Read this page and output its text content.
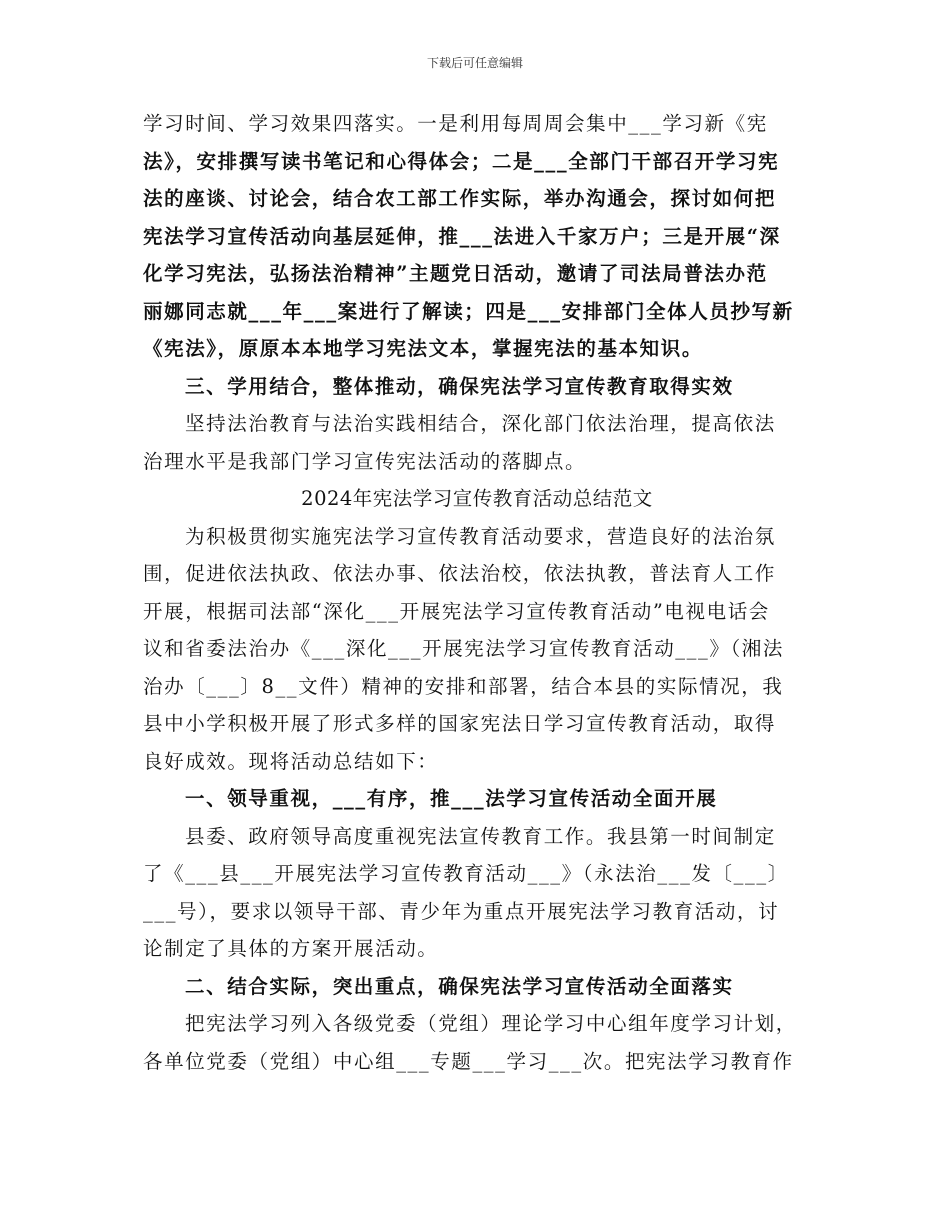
下载后可任意编辑
学习时间、学习效果四落实。一是利用每周周会集中___学习新《宪
法》，安排撰写读书笔记和心得体会；二是___全部门干部召开学习宪
法的座谈、讨论会，结合农工部工作实际，举办沟通会，探讨如何把
宪法学习宣传活动向基层延伸，推___法进入千家万户；三是开展“深
化学习宪法，弘扬法治精神”主题党日活动，邀请了司法局普法办范
丽娜同志就___年___案进行了解读；四是___安排部门全体人员抄写新
《宪法》，原原本本地学习宪法文本，掌握宪法的基本知识。
三、学用结合，整体推动，确保宪法学习宣传教育取得实效
坚持法治教育与法治实践相结合，深化部门依法治理，提高依法
治理水平是我部门学习宣传宪法活动的落脚点。
2024年宪法学习宣传教育活动总结范文
为积极贯彻实施宪法学习宣传教育活动要求，营造良好的法治氛
围，促进依法执政、依法办事、依法治校，依法执教，普法育人工作
开展，根据司法部“深化___开展宪法学习宣传教育活动”电视电话会
议和省委法治办《___深化___开展宪法学习宣传教育活动___》（湘法
治办〔___〕8__文件）精神的安排和部署，结合本县的实际情况，我
县中小学积极开展了形式多样的国家宪法日学习宣传教育活动，取得
良好成效。现将活动总结如下：
一、领导重视，___有序，推___法学习宣传活动全面开展
县委、政府领导高度重视宪法宣传教育工作。我县第一时间制定
了《___县___开展宪法学习宣传教育活动___》（永法治___发〔___〕
___号），要求以领导干部、青少年为重点开展宪法学习教育活动，讨
论制定了具体的方案开展活动。
二、结合实际，突出重点，确保宪法学习宣传活动全面落实
把宪法学习列入各级党委（党组）理论学习中心组年度学习计划，
各单位党委（党组）中心组___专题___学习___次。把宪法学习教育作
